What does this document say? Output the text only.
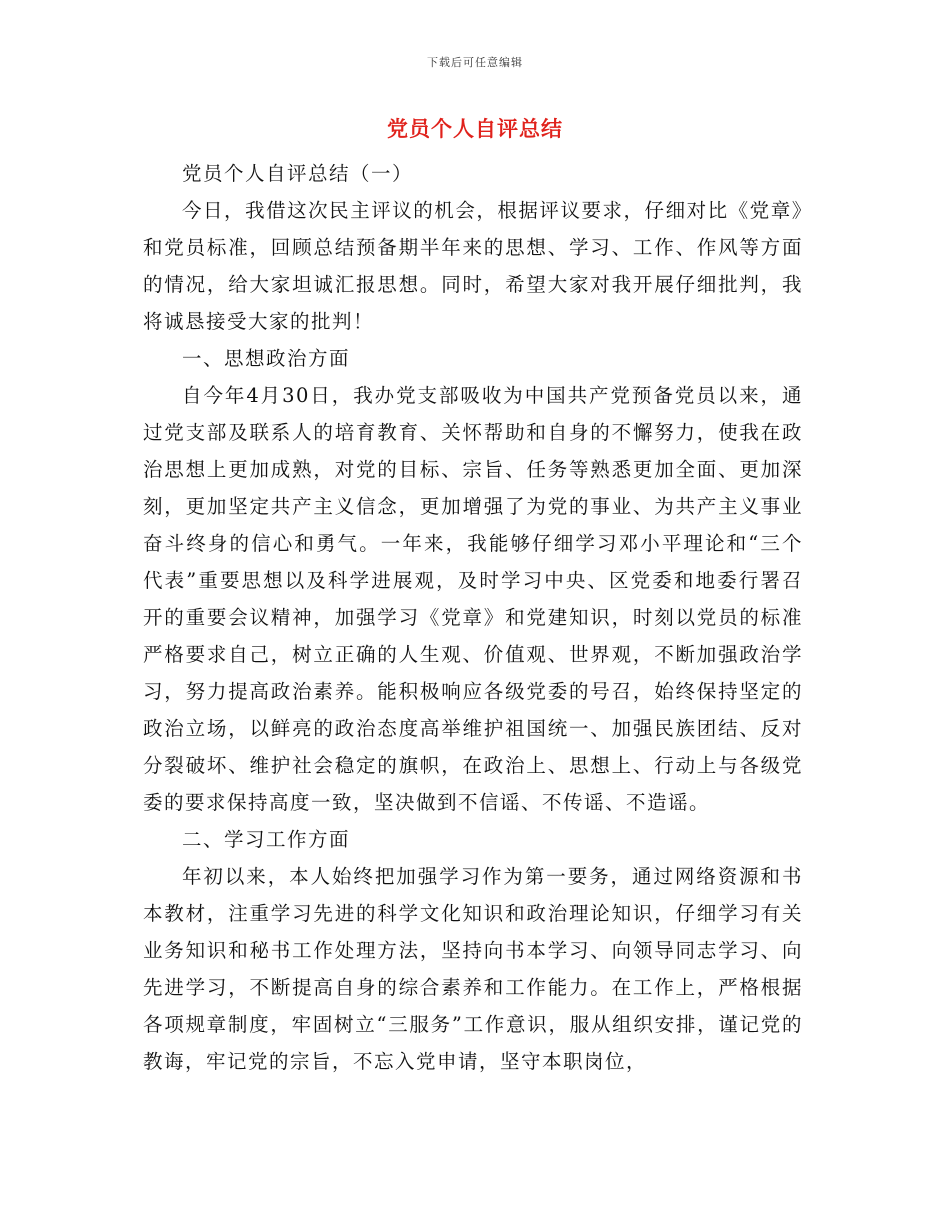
下载后可任意编辑
党员个人自评总结

党员个人自评总结（一）

今日，我借这次民主评议的机会，根据评议要求，仔细对比《党章》和党员标准，回顾总结预备期半年来的思想、学习、工作、作风等方面的情况，给大家坦诚汇报思想。同时，希望大家对我开展仔细批判，我将诚恳接受大家的批判！

一、思想政治方面

自今年4月30日，我办党支部吸收为中国共产党预备党员以来，通过党支部及联系人的培育教育、关怀帮助和自身的不懈努力，使我在政治思想上更加成熟，对党的目标、宗旨、任务等熟悉更加全面、更加深刻，更加坚定共产主义信念，更加增强了为党的事业、为共产主义事业奋斗终身的信心和勇气。一年来，我能够仔细学习邓小平理论和“三个代表”重要思想以及科学进展观，及时学习中央、区党委和地委行署召开的重要会议精神，加强学习《党章》和党建知识，时刻以党员的标准严格要求自己，树立正确的人生观、价值观、世界观，不断加强政治学习，努力提高政治素养。能积极响应各级党委的号召，始终保持坚定的政治立场，以鲜亮的政治态度高举维护祖国统一、加强民族团结、反对分裂破坏、维护社会稳定的旗帜，在政治上、思想上、行动上与各级党委的要求保持高度一致，坚决做到不信谣、不传谣、不造谣。

二、学习工作方面

年初以来，本人始终把加强学习作为第一要务，通过网络资源和书本教材，注重学习先进的科学文化知识和政治理论知识，仔细学习有关业务知识和秘书工作处理方法，坚持向书本学习、向领导同志学习、向先进学习，不断提高自身的综合素养和工作能力。在工作上，严格根据各项规章制度，牢固树立“三服务”工作意识，服从组织安排，谨记党的教诲，牢记党的宗旨，不忘入党申请，坚守本职岗位，
